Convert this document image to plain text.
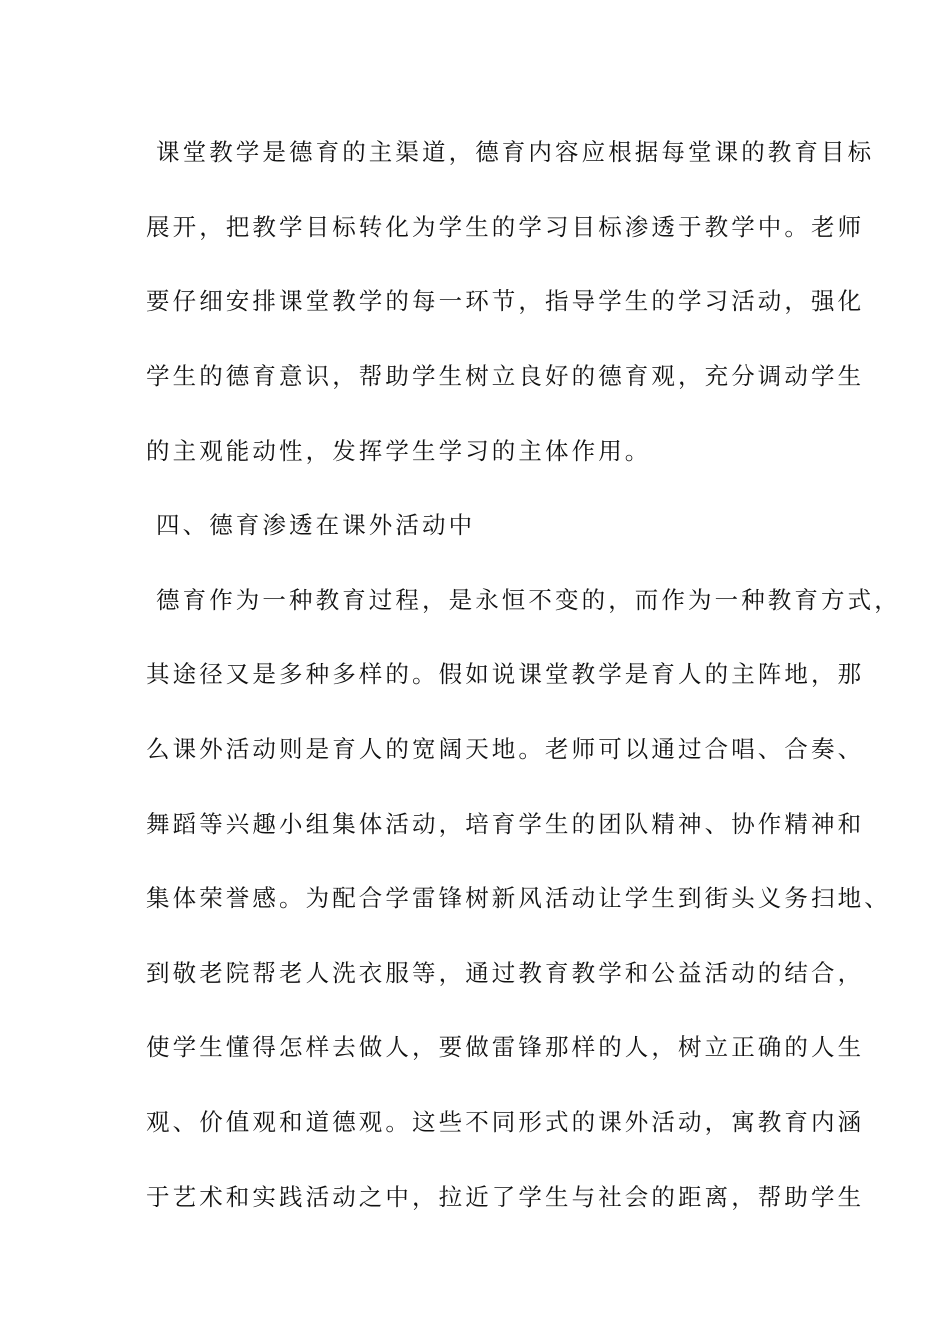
课堂教学是德育的主渠道，德育内容应根据每堂课的教育目标
展开，把教学目标转化为学生的学习目标渗透于教学中。老师
要仔细安排课堂教学的每一环节，指导学生的学习活动，强化
学生的德育意识，帮助学生树立良好的德育观，充分调动学生
的主观能动性，发挥学生学习的主体作用。
四、德育渗透在课外活动中
德育作为一种教育过程，是永恒不变的，而作为一种教育方式，
其途径又是多种多样的。假如说课堂教学是育人的主阵地，那
么课外活动则是育人的宽阔天地。老师可以通过合唱、合奏、
舞蹈等兴趣小组集体活动，培育学生的团队精神、协作精神和
集体荣誉感。为配合学雷锋树新风活动让学生到街头义务扫地、
到敬老院帮老人洗衣服等，通过教育教学和公益活动的结合，
使学生懂得怎样去做人，要做雷锋那样的人，树立正确的人生
观、价值观和道德观。这些不同形式的课外活动，寓教育内涵
于艺术和实践活动之中，拉近了学生与社会的距离，帮助学生
